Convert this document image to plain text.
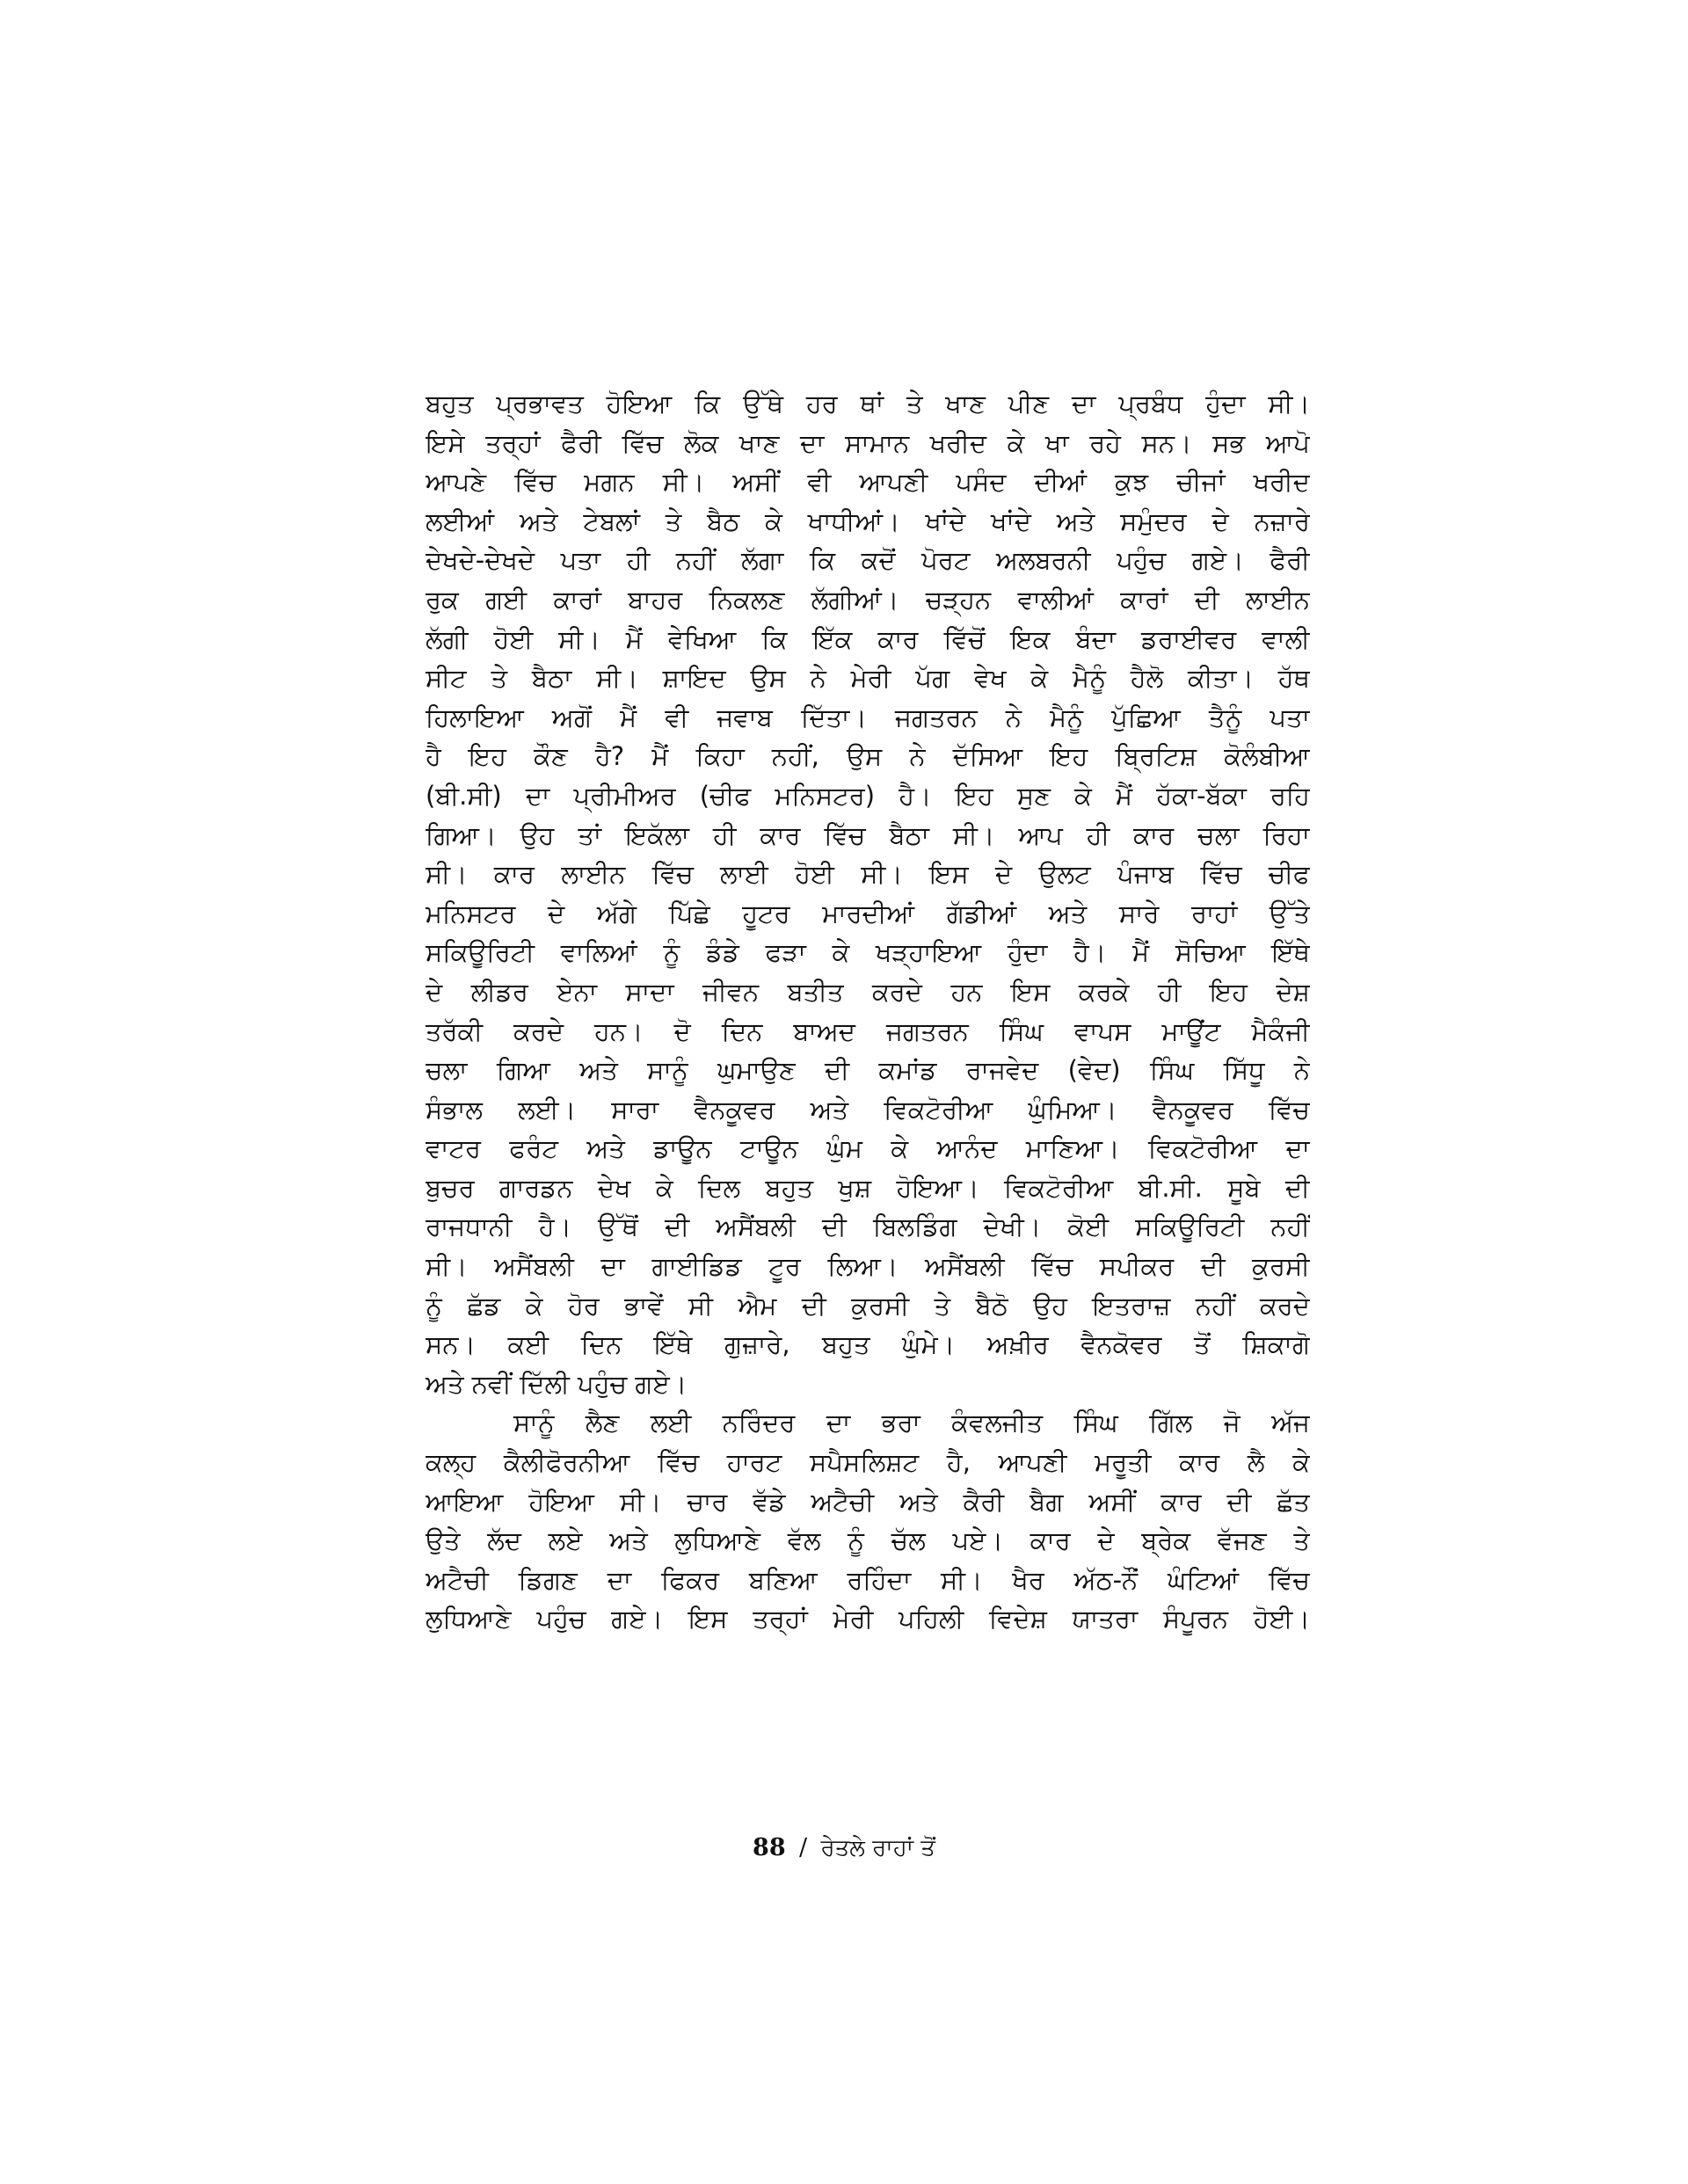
ਬਹੁਤ ਪ੍ਰਭਾਵਤ ਹੋਇਆ ਕਿ ਉੱਥੇ ਹਰ ਥਾਂ ਤੇ ਖਾਣ ਪੀਣ ਦਾ ਪ੍ਰਬੰਧ ਹੁੰਦਾ ਸੀ।
ਇਸੇ ਤਰ੍ਹਾਂ ਫੈਰੀ ਵਿੱਚ ਲੋਕ ਖਾਣ ਦਾ ਸਾਮਾਨ ਖਰੀਦ ਕੇ ਖਾ ਰਹੇ ਸਨ। ਸਭ ਆਪੋ
ਆਪਣੇ ਵਿੱਚ ਮਗਨ ਸੀ। ਅਸੀਂ ਵੀ ਆਪਣੀ ਪਸੰਦ ਦੀਆਂ ਕੁਝ ਚੀਜਾਂ ਖਰੀਦ
ਲਈਆਂ ਅਤੇ ਟੇਬਲਾਂ ਤੇ ਬੈਠ ਕੇ ਖਾਧੀਆਂ। ਖਾਂਦੇ ਖਾਂਦੇ ਅਤੇ ਸਮੁੰਦਰ ਦੇ ਨਜ਼ਾਰੇ
ਦੇਖਦੇ-ਦੇਖਦੇ ਪਤਾ ਹੀ ਨਹੀਂ ਲੱਗਾ ਕਿ ਕਦੋਂ ਪੋਰਟ ਅਲਬਰਨੀ ਪਹੁੰਚ ਗਏ। ਫੈਰੀ
ਰੁਕ ਗਈ ਕਾਰਾਂ ਬਾਹਰ ਨਿਕਲਣ ਲੱਗੀਆਂ। ਚੜ੍ਹਨ ਵਾਲੀਆਂ ਕਾਰਾਂ ਦੀ ਲਾਈਨ
ਲੱਗੀ ਹੋਈ ਸੀ। ਮੈਂ ਵੇਖਿਆ ਕਿ ਇੱਕ ਕਾਰ ਵਿੱਚੋਂ ਇਕ ਬੰਦਾ ਡਰਾਈਵਰ ਵਾਲੀ
ਸੀਟ ਤੇ ਬੈਠਾ ਸੀ। ਸ਼ਾਇਦ ਉਸ ਨੇ ਮੇਰੀ ਪੱਗ ਵੇਖ ਕੇ ਮੈਨੂੰ ਹੈਲੋ ਕੀਤਾ। ਹੱਥ
ਹਿਲਾਇਆ ਅਗੋਂ ਮੈਂ ਵੀ ਜਵਾਬ ਦਿੱਤਾ। ਜਗਤਰਨ ਨੇ ਮੈਨੂੰ ਪੁੱਛਿਆ ਤੈਨੂੰ ਪਤਾ
ਹੈ ਇਹ ਕੌਣ ਹੈ? ਮੈਂ ਕਿਹਾ ਨਹੀਂ, ਉਸ ਨੇ ਦੱਸਿਆ ਇਹ ਬ੍ਰਿਟਿਸ਼ ਕੋਲੰਬੀਆ
(ਬੀ.ਸੀ) ਦਾ ਪ੍ਰੀਮੀਅਰ (ਚੀਫ ਮਨਿਸਟਰ) ਹੈ। ਇਹ ਸੁਣ ਕੇ ਮੈਂ ਹੱਕਾ-ਬੱਕਾ ਰਹਿ
ਗਿਆ। ਉਹ ਤਾਂ ਇਕੱਲਾ ਹੀ ਕਾਰ ਵਿੱਚ ਬੈਠਾ ਸੀ। ਆਪ ਹੀ ਕਾਰ ਚਲਾ ਰਿਹਾ
ਸੀ। ਕਾਰ ਲਾਈਨ ਵਿੱਚ ਲਾਈ ਹੋਈ ਸੀ। ਇਸ ਦੇ ਉਲਟ ਪੰਜਾਬ ਵਿੱਚ ਚੀਫ
ਮਨਿਸਟਰ ਦੇ ਅੱਗੇ ਪਿੱਛੇ ਹੂਟਰ ਮਾਰਦੀਆਂ ਗੱਡੀਆਂ ਅਤੇ ਸਾਰੇ ਰਾਹਾਂ ਉੱਤੇ
ਸਕਿਊਰਿਟੀ ਵਾਲਿਆਂ ਨੂੰ ਡੰਡੇ ਫੜਾ ਕੇ ਖੜ੍ਹਾਇਆ ਹੁੰਦਾ ਹੈ। ਮੈਂ ਸੋਚਿਆ ਇੱਥੇ
ਦੇ ਲੀਡਰ ਏਨਾ ਸਾਦਾ ਜੀਵਨ ਬਤੀਤ ਕਰਦੇ ਹਨ ਇਸ ਕਰਕੇ ਹੀ ਇਹ ਦੇਸ਼
ਤਰੱਕੀ ਕਰਦੇ ਹਨ। ਦੋ ਦਿਨ ਬਾਅਦ ਜਗਤਰਨ ਸਿੰਘ ਵਾਪਸ ਮਾਊਂਟ ਮੈਕੰਜੀ
ਚਲਾ ਗਿਆ ਅਤੇ ਸਾਨੂੰ ਘੁਮਾਉਣ ਦੀ ਕਮਾਂਡ ਰਾਜਵੇਦ (ਵੇਦ) ਸਿੰਘ ਸਿੱਧੂ ਨੇ
ਸੰਭਾਲ ਲਈ। ਸਾਰਾ ਵੈਨਕੂਵਰ ਅਤੇ ਵਿਕਟੋਰੀਆ ਘੁੰਮਿਆ। ਵੈਨਕੂਵਰ ਵਿੱਚ
ਵਾਟਰ ਫਰੰਟ ਅਤੇ ਡਾਊਨ ਟਾਊਨ ਘੁੰਮ ਕੇ ਆਨੰਦ ਮਾਣਿਆ। ਵਿਕਟੋਰੀਆ ਦਾ
ਬੁਚਰ ਗਾਰਡਨ ਦੇਖ ਕੇ ਦਿਲ ਬਹੁਤ ਖੁਸ਼ ਹੋਇਆ। ਵਿਕਟੋਰੀਆ ਬੀ.ਸੀ. ਸੂਬੇ ਦੀ
ਰਾਜਧਾਨੀ ਹੈ। ਉੱਥੋਂ ਦੀ ਅਸੈਂਬਲੀ ਦੀ ਬਿਲਡਿੰਗ ਦੇਖੀ। ਕੋਈ ਸਕਿਊਰਿਟੀ ਨਹੀਂ
ਸੀ। ਅਸੈਂਬਲੀ ਦਾ ਗਾਈਡਿਡ ਟੂਰ ਲਿਆ। ਅਸੈਂਬਲੀ ਵਿੱਚ ਸਪੀਕਰ ਦੀ ਕੁਰਸੀ
ਨੂੰ ਛੱਡ ਕੇ ਹੋਰ ਭਾਵੇਂ ਸੀ ਐਮ ਦੀ ਕੁਰਸੀ ਤੇ ਬੈਠੋ ਉਹ ਇਤਰਾਜ਼ ਨਹੀਂ ਕਰਦੇ
ਸਨ। ਕਈ ਦਿਨ ਇੱਥੇ ਗੁਜ਼ਾਰੇ, ਬਹੁਤ ਘੁੰਮੇ। ਅਖ਼ੀਰ ਵੈਨਕੋਵਰ ਤੋਂ ਸ਼ਿਕਾਗੋ
ਅਤੇ ਨਵੀਂ ਦਿੱਲੀ ਪਹੁੰਚ ਗਏ।
ਸਾਨੂੰ ਲੈਣ ਲਈ ਨਰਿੰਦਰ ਦਾ ਭਰਾ ਕੰਵਲਜੀਤ ਸਿੰਘ ਗਿੱਲ ਜੋ ਅੱਜ
ਕਲ੍ਹ ਕੈਲੀਫੋਰਨੀਆ ਵਿੱਚ ਹਾਰਟ ਸਪੈਸਲਿਸ਼ਟ ਹੈ, ਆਪਣੀ ਮਰੂਤੀ ਕਾਰ ਲੈ ਕੇ
ਆਇਆ ਹੋਇਆ ਸੀ। ਚਾਰ ਵੱਡੇ ਅਟੈਚੀ ਅਤੇ ਕੈਰੀ ਬੈਗ ਅਸੀਂ ਕਾਰ ਦੀ ਛੱਤ
ਉਤੇ ਲੱਦ ਲਏ ਅਤੇ ਲੁਧਿਆਣੇ ਵੱਲ ਨੂੰ ਚੱਲ ਪਏ। ਕਾਰ ਦੇ ਬ੍ਰੇਕ ਵੱਜਣ ਤੇ
ਅਟੈਚੀ ਡਿਗਣ ਦਾ ਫਿਕਰ ਬਣਿਆ ਰਹਿੰਦਾ ਸੀ। ਖੈਰ ਅੱਠ-ਨੌਂ ਘੰਟਿਆਂ ਵਿੱਚ
ਲੁਧਿਆਣੇ ਪਹੁੰਚ ਗਏ। ਇਸ ਤਰ੍ਹਾਂ ਮੇਰੀ ਪਹਿਲੀ ਵਿਦੇਸ਼ ਯਾਤਰਾ ਸੰਪੂਰਨ ਹੋਈ।
88 / ਰੇਤਲੇ ਰਾਹਾਂ ਤੋਂ
